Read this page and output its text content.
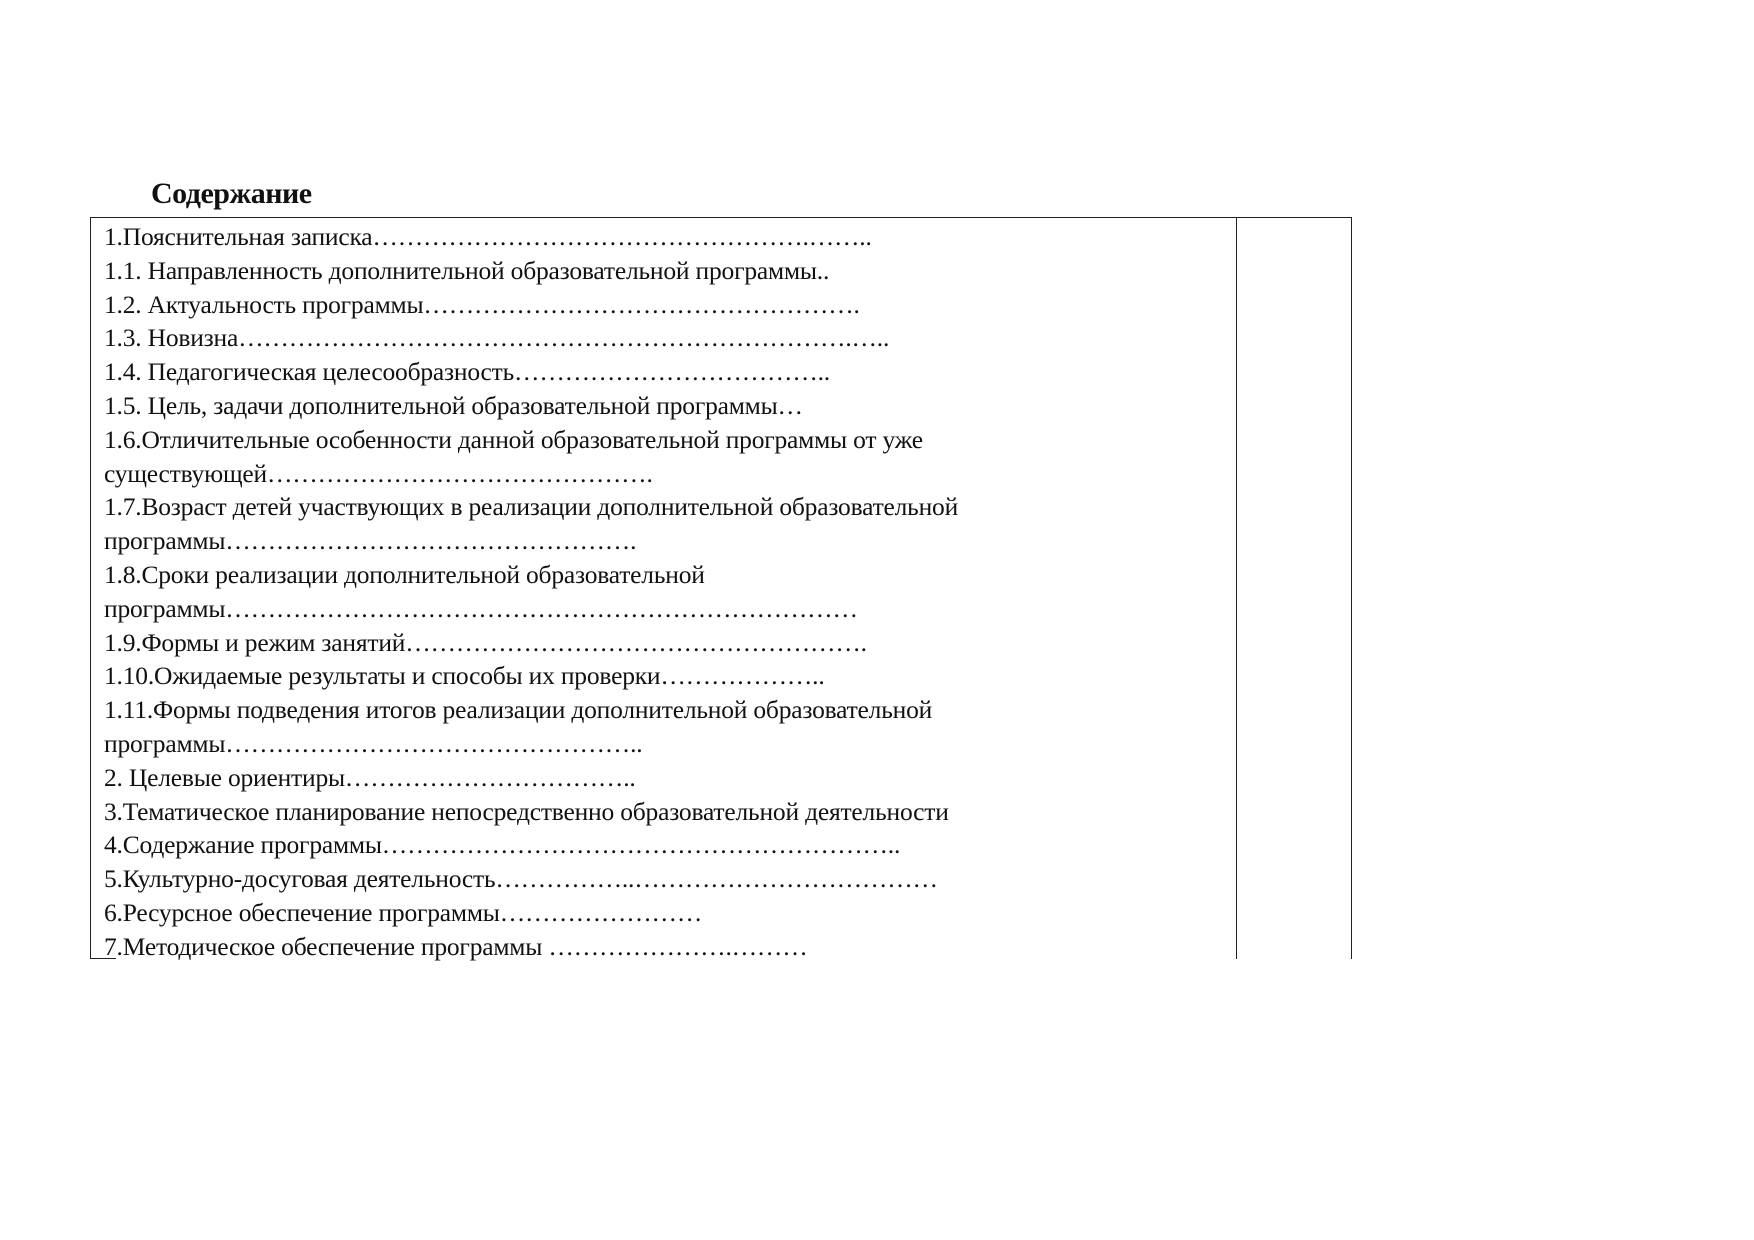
Содержание
1.Пояснительная записка…………………………………………….……..
1.1. Направленность дополнительной образовательной программы..
1.2. Актуальность программы…………………………………………….
1.3. Новизна……………………………………………………………….…..
1.4. Педагогическая целесообразность………………………………..
1.5. Цель, задачи дополнительной образовательной программы…
1.6.Отличительные особенности данной образовательной программы от уже
существующей……………………………………….
1.7.Возраст детей участвующих в реализации дополнительной образовательной
программы………………………………………….
1.8.Сроки реализации дополнительной образовательной
программы…………………………………………………………………
1.9.Формы и режим занятий……………………………………………….
1.10.Ожидаемые результаты и способы их проверки………………..
1.11.Формы подведения итогов реализации дополнительной образовательной
программы…………………………………………..
2. Целевые ориентиры……………………………..
3.Тематическое планирование непосредственно образовательной деятельности
4.Содержание программы……………………………………………………..
5.Культурно-досуговая деятельность……………..………………………………
6.Ресурсное обеспечение программы……………………
7.Методическое обеспечение программы ………………….………
